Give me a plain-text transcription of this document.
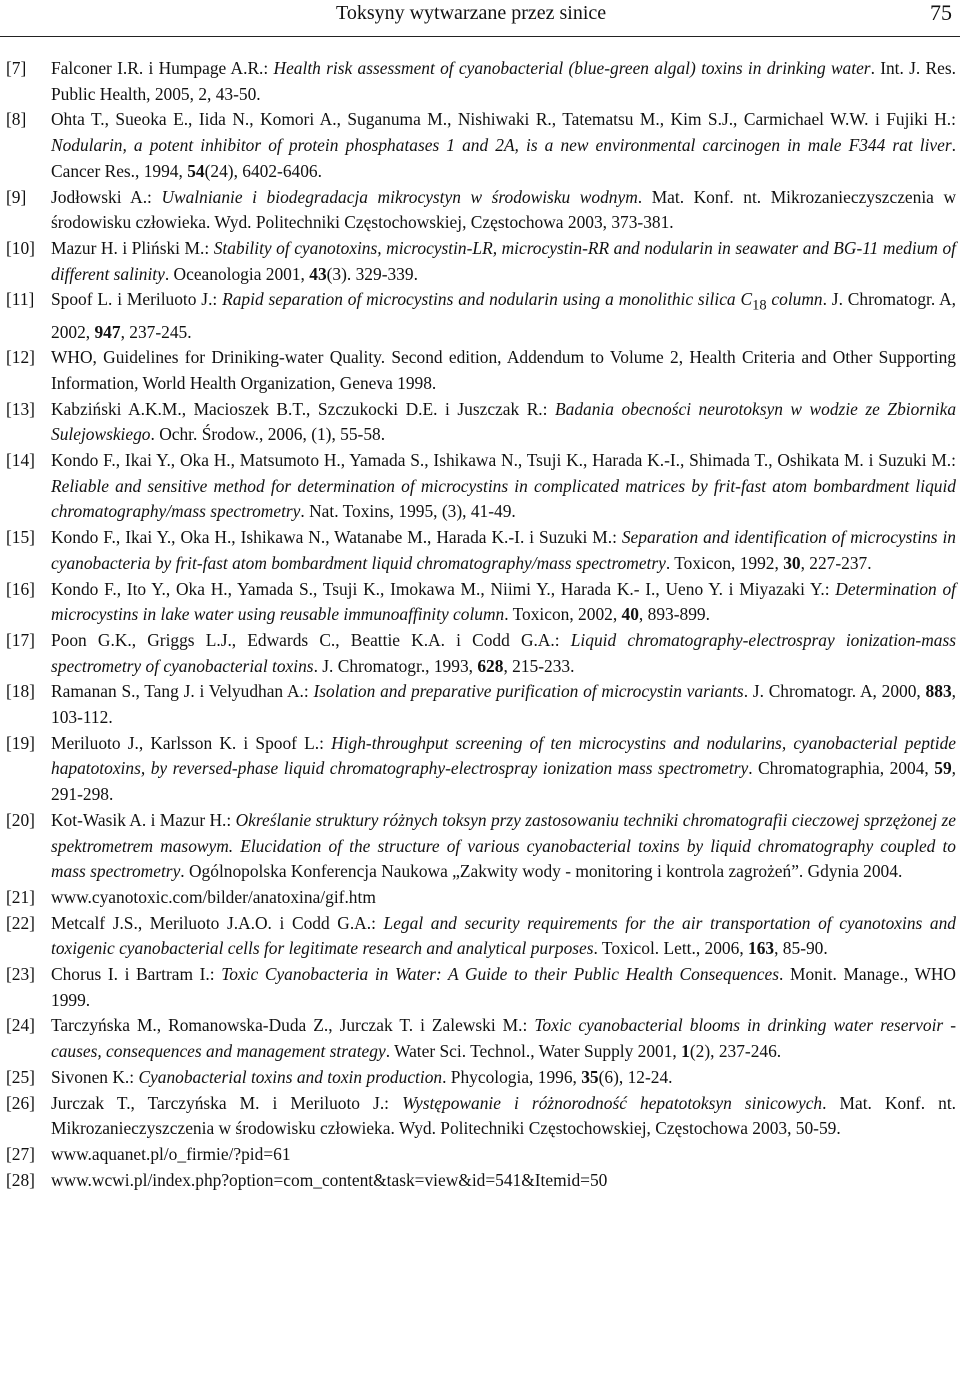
Toksyny wytwarzane przez sinice	75
[7] Falconer I.R. i Humpage A.R.: Health risk assessment of cyanobacterial (blue-green algal) toxins in drinking water. Int. J. Res. Public Health, 2005, 2, 43-50.
[8] Ohta T., Sueoka E., Iida N., Komori A., Suganuma M., Nishiwaki R., Tatematsu M., Kim S.J., Carmichael W.W. i Fujiki H.: Nodularin, a potent inhibitor of protein phosphatases 1 and 2A, is a new environmental carcinogen in male F344 rat liver. Cancer Res., 1994, 54(24), 6402-6406.
[9] Jodłowski A.: Uwalnianie i biodegradacja mikrocystyn w środowisku wodnym. Mat. Konf. nt. Mikrozanieczyszczenia w środowisku człowieka. Wyd. Politechniki Częstochowskiej, Częstochowa 2003, 373-381.
[10] Mazur H. i Pliński M.: Stability of cyanotoxins, microcystin-LR, microcystin-RR and nodularin in seawater and BG-11 medium of different salinity. Oceanologia 2001, 43(3). 329-339.
[11] Spoof L. i Meriluoto J.: Rapid separation of microcystins and nodularin using a monolithic silica $C_{18}$ column. J. Chromatogr. A, 2002, 947, 237-245.
[12] WHO, Guidelines for Driniking-water Quality. Second edition, Addendum to Volume 2, Health Criteria and Other Supporting Information, World Health Organization, Geneva 1998.
[13] Kabziński A.K.M., Macioszek B.T., Szczukocki D.E. i Juszczak R.: Badania obecności neurotoksyn w wodzie ze Zbiornika Sulejowskiego. Ochr. Środow., 2006, (1), 55-58.
[14] Kondo F., Ikai Y., Oka H., Matsumoto H., Yamada S., Ishikawa N., Tsuji K., Harada K.-I., Shimada T., Oshikata M. i Suzuki M.: Reliable and sensitive method for determination of microcystins in complicated matrices by frit-fast atom bombardment liquid chromatography/mass spectrometry. Nat. Toxins, 1995, (3), 41-49.
[15] Kondo F., Ikai Y., Oka H., Ishikawa N., Watanabe M., Harada K.-I. i Suzuki M.: Separation and identification of microcystins in cyanobacteria by frit-fast atom bombardment liquid chromatography/mass spectrometry. Toxicon, 1992, 30, 227-237.
[16] Kondo F., Ito Y., Oka H., Yamada S., Tsuji K., Imokawa M., Niimi Y., Harada K.- I., Ueno Y. i Miyazaki Y.: Determination of microcystins in lake water using reusable immunoaffinity column. Toxicon, 2002, 40, 893-899.
[17] Poon G.K., Griggs L.J., Edwards C., Beattie K.A. i Codd G.A.: Liquid chromatography-electrospray ionization-mass spectrometry of cyanobacterial toxins. J. Chromatogr., 1993, 628, 215-233.
[18] Ramanan S., Tang J. i Velyudhan A.: Isolation and preparative purification of microcystin variants. J. Chromatogr. A, 2000, 883, 103-112.
[19] Meriluoto J., Karlsson K. i Spoof L.: High-throughput screening of ten microcystins and nodularins, cyanobacterial peptide hapatotoxins, by reversed-phase liquid chromatography-electrospray ionization mass spectrometry. Chromatographia, 2004, 59, 291-298.
[20] Kot-Wasik A. i Mazur H.: Określanie struktury różnych toksyn przy zastosowaniu techniki chromatografii cieczowej sprzężonej ze spektrometrem masowym. Elucidation of the structure of various cyanobacterial toxins by liquid chromatography coupled to mass spectrometry. Ogólnopolska Konferencja Naukowa „Zakwity wody - monitoring i kontrola zagrożeń”. Gdynia 2004.
[21] www.cyanotoxic.com/bilder/anatoxina/gif.htm
[22] Metcalf J.S., Meriluoto J.A.O. i Codd G.A.: Legal and security requirements for the air transportation of cyanotoxins and toxigenic cyanobacterial cells for legitimate research and analytical purposes. Toxicol. Lett., 2006, 163, 85-90.
[23] Chorus I. i Bartram I.: Toxic Cyanobacteria in Water: A Guide to their Public Health Consequences. Monit. Manage., WHO 1999.
[24] Tarczyńska M., Romanowska-Duda Z., Jurczak T. i Zalewski M.: Toxic cyanobacterial blooms in drinking water reservoir - causes, consequences and management strategy. Water Sci. Technol., Water Supply 2001, 1(2), 237-246.
[25] Sivonen K.: Cyanobacterial toxins and toxin production. Phycologia, 1996, 35(6), 12-24.
[26] Jurczak T., Tarczyńska M. i Meriluoto J.: Występowanie i różnorodność hepatotoksyn sinicowych. Mat. Konf. nt. Mikrozanieczyszczenia w środowisku człowieka. Wyd. Politechniki Częstochowskiej, Częstochowa 2003, 50-59.
[27] www.aquanet.pl/o_firmie/?pid=61
[28] www.wcwi.pl/index.php?option=com_content&task=view&id=541&Itemid=50
